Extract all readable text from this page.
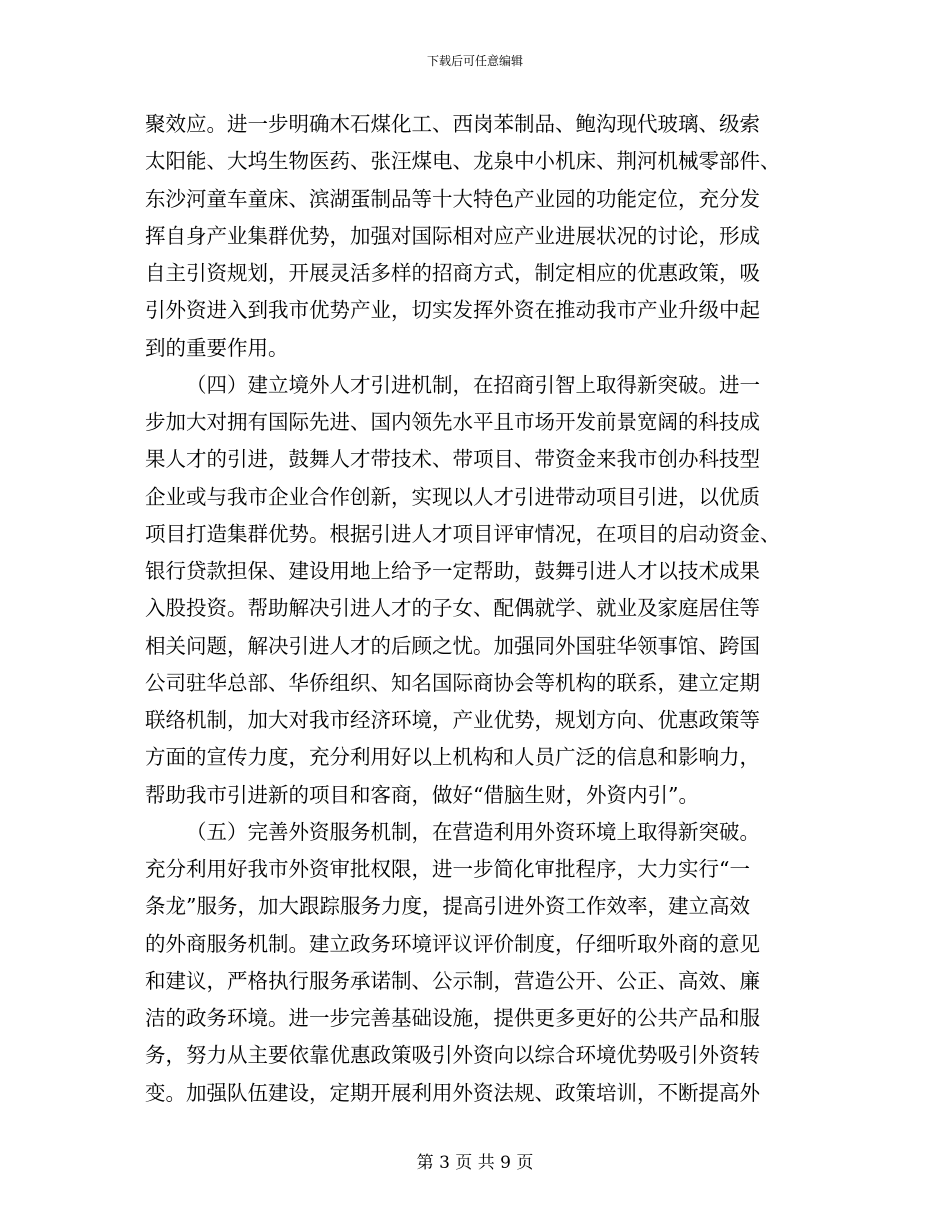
下载后可任意编辑
聚效应。进一步明确木石煤化工、西岗苯制品、鲍沟现代玻璃、级索
太阳能、大坞生物医药、张汪煤电、龙泉中小机床、荆河机械零部件、
东沙河童车童床、滨湖蛋制品等十大特色产业园的功能定位，充分发
挥自身产业集群优势，加强对国际相对应产业进展状况的讨论，形成
自主引资规划，开展灵活多样的招商方式，制定相应的优惠政策，吸
引外资进入到我市优势产业，切实发挥外资在推动我市产业升级中起
到的重要作用。
（四）建立境外人才引进机制，在招商引智上取得新突破。进一
步加大对拥有国际先进、国内领先水平且市场开发前景宽阔的科技成
果人才的引进，鼓舞人才带技术、带项目、带资金来我市创办科技型
企业或与我市企业合作创新，实现以人才引进带动项目引进，以优质
项目打造集群优势。根据引进人才项目评审情况，在项目的启动资金、
银行贷款担保、建设用地上给予一定帮助，鼓舞引进人才以技术成果
入股投资。帮助解决引进人才的子女、配偶就学、就业及家庭居住等
相关问题，解决引进人才的后顾之忧。加强同外国驻华领事馆、跨国
公司驻华总部、华侨组织、知名国际商协会等机构的联系，建立定期
联络机制，加大对我市经济环境，产业优势，规划方向、优惠政策等
方面的宣传力度，充分利用好以上机构和人员广泛的信息和影响力，
帮助我市引进新的项目和客商，做好“借脑生财，外资内引”。
（五）完善外资服务机制，在营造利用外资环境上取得新突破。
充分利用好我市外资审批权限，进一步简化审批程序，大力实行“一
条龙”服务，加大跟踪服务力度，提高引进外资工作效率，建立高效
的外商服务机制。建立政务环境评议评价制度，仔细听取外商的意见
和建议，严格执行服务承诺制、公示制，营造公开、公正、高效、廉
洁的政务环境。进一步完善基础设施，提供更多更好的公共产品和服
务，努力从主要依靠优惠政策吸引外资向以综合环境优势吸引外资转
变。加强队伍建设，定期开展利用外资法规、政策培训，不断提高外
第 3 页 共 9 页
